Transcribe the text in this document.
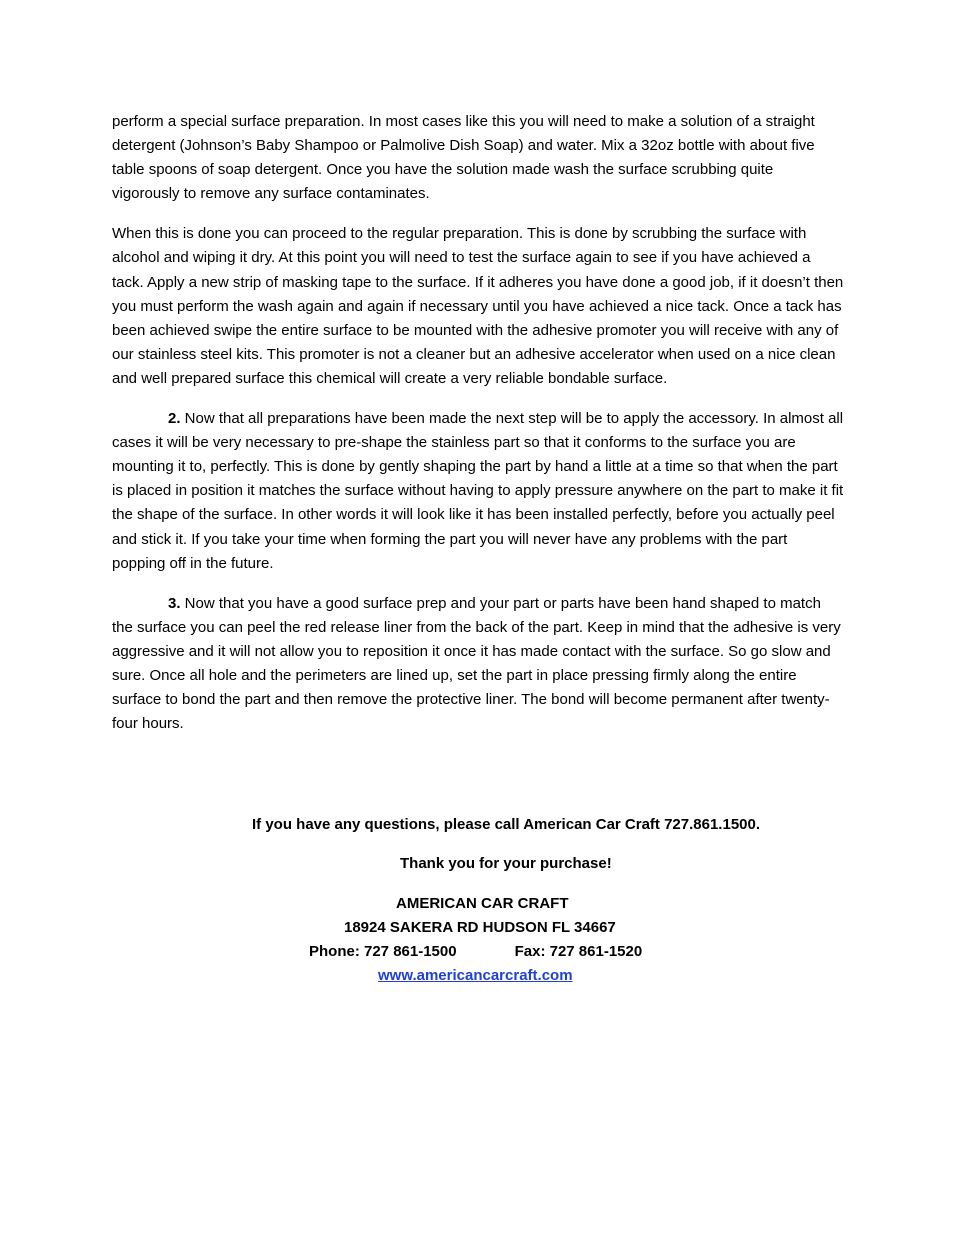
perform a special surface preparation. In most cases like this you will need to make a solution of a straight detergent (Johnson’s Baby Shampoo or Palmolive Dish Soap) and water. Mix a 32oz bottle with about five table spoons of soap detergent. Once you have the solution made wash the surface scrubbing quite vigorously to remove any surface contaminates.

When this is done you can proceed to the regular preparation. This is done by scrubbing the surface with alcohol and wiping it dry. At this point you will need to test the surface again to see if you have achieved a tack. Apply a new strip of masking tape to the surface. If it adheres you have done a good job, if it doesn’t then you must perform the wash again and again if necessary until you have achieved a nice tack. Once a tack has been achieved swipe the entire surface to be mounted with the adhesive promoter you will receive with any of our stainless steel kits. This promoter is not a cleaner but an adhesive accelerator when used on a nice clean and well prepared surface this chemical will create a very reliable bondable surface.

2. Now that all preparations have been made the next step will be to apply the accessory. In almost all cases it will be very necessary to pre-shape the stainless part so that it conforms to the surface you are mounting it to, perfectly. This is done by gently shaping the part by hand a little at a time so that when the part is placed in position it matches the surface without having to apply pressure anywhere on the part to make it fit the shape of the surface. In other words it will look like it has been installed perfectly, before you actually peel and stick it. If you take your time when forming the part you will never have any problems with the part popping off in the future.

3. Now that you have a good surface prep and your part or parts have been hand shaped to match the surface you can peel the red release liner from the back of the part. Keep in mind that the adhesive is very aggressive and it will not allow you to reposition it once it has made contact with the surface. So go slow and sure. Once all hole and the perimeters are lined up, set the part in place pressing firmly along the entire surface to bond the part and then remove the protective liner. The bond will become permanent after twenty-four hours.

If you have any questions, please call American Car Craft 727.861.1500.
Thank you for your purchase!
AMERICAN CAR CRAFT
18924 SAKERA RD HUDSON FL 34667
Phone: 727 861-1500	Fax: 727 861-1520
www.americancarcraft.com
